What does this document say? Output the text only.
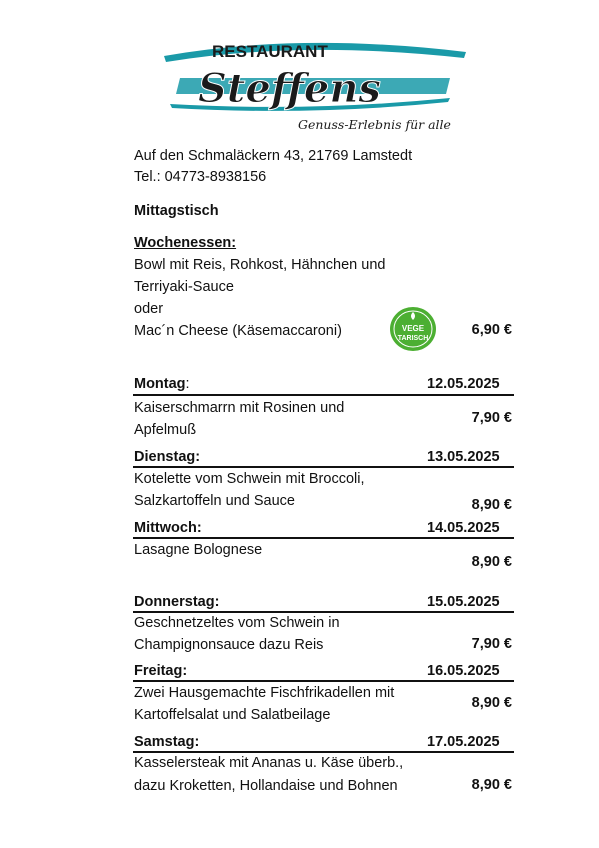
RESTAURANT
Steffens
Genuss-Erlebnis für alle
Auf den Schmaläckern 43, 21769 Lamstedt
Tel.: 04773-8938156
Mittagstisch
Wochenessen:
Bowl mit Reis, Rohkost, Hähnchen und
Terriyaki-Sauce
oder
Mac´n Cheese (Käsemaccaroni)	VEGE
TARISCH
6,90 €
Montag:	12.05.2025
Kaiserschmarrn mit Rosinen und
Apfelmuß
7,90 €
Dienstag:	13.05.2025
Kotelette vom Schwein mit Broccoli,
Salzkartoffeln und Sauce	8,90 €
Mittwoch:	14.05.2025
Lasagne Bolognese
8,90 €
Donnerstag:	15.05.2025
Geschnetzeltes vom Schwein in
Champignonsauce dazu Reis	7,90 €
Freitag:	16.05.2025
Zwei Hausgemachte Fischfrikadellen mit
Kartoffelsalat und Salatbeilage
8,90 €
Samstag:	17.05.2025
Kasselersteak mit Ananas u. Käse überb.,
dazu Kroketten, Hollandaise und Bohnen	8,90 €
